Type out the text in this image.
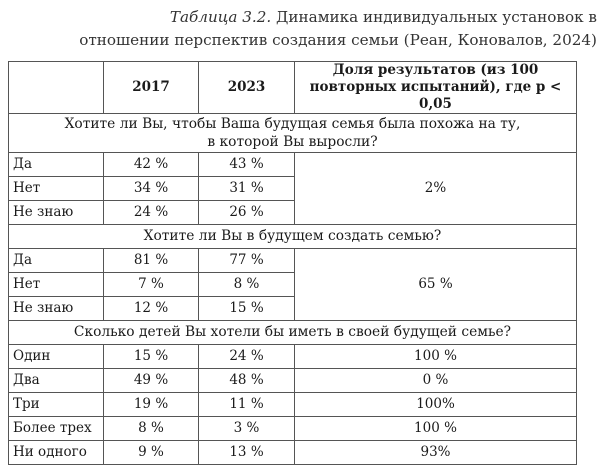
Таблица 3.2. Динамика индивидуальных установок в отношении перспектив создания семьи (Реан, Коновалов, 2024)
	2017	2023	Доля результатов (из 100 повторных испытаний), где p < 0,05
Хотите ли Вы, чтобы Ваша будущая семья была похожа на ту,
в которой Вы выросли?			
Да	42 %	43 %	2%
Нет	34 %	31 %	
Не знаю	24 %	26 %	
Хотите ли Вы в будущем создать семью?			
Да	81 %	77 %	65 %
Нет	7 %	8 %	
Не знаю	12 %	15 %	
Сколько детей Вы хотели бы иметь в своей будущей семье?			
Один	15 %	24 %	100 %
Два	49 %	48 %	0 %
Три	19 %	11 %	100%
Более трех	8 %	3 %	100 %
Ни одного	9 %	13 %	93%
